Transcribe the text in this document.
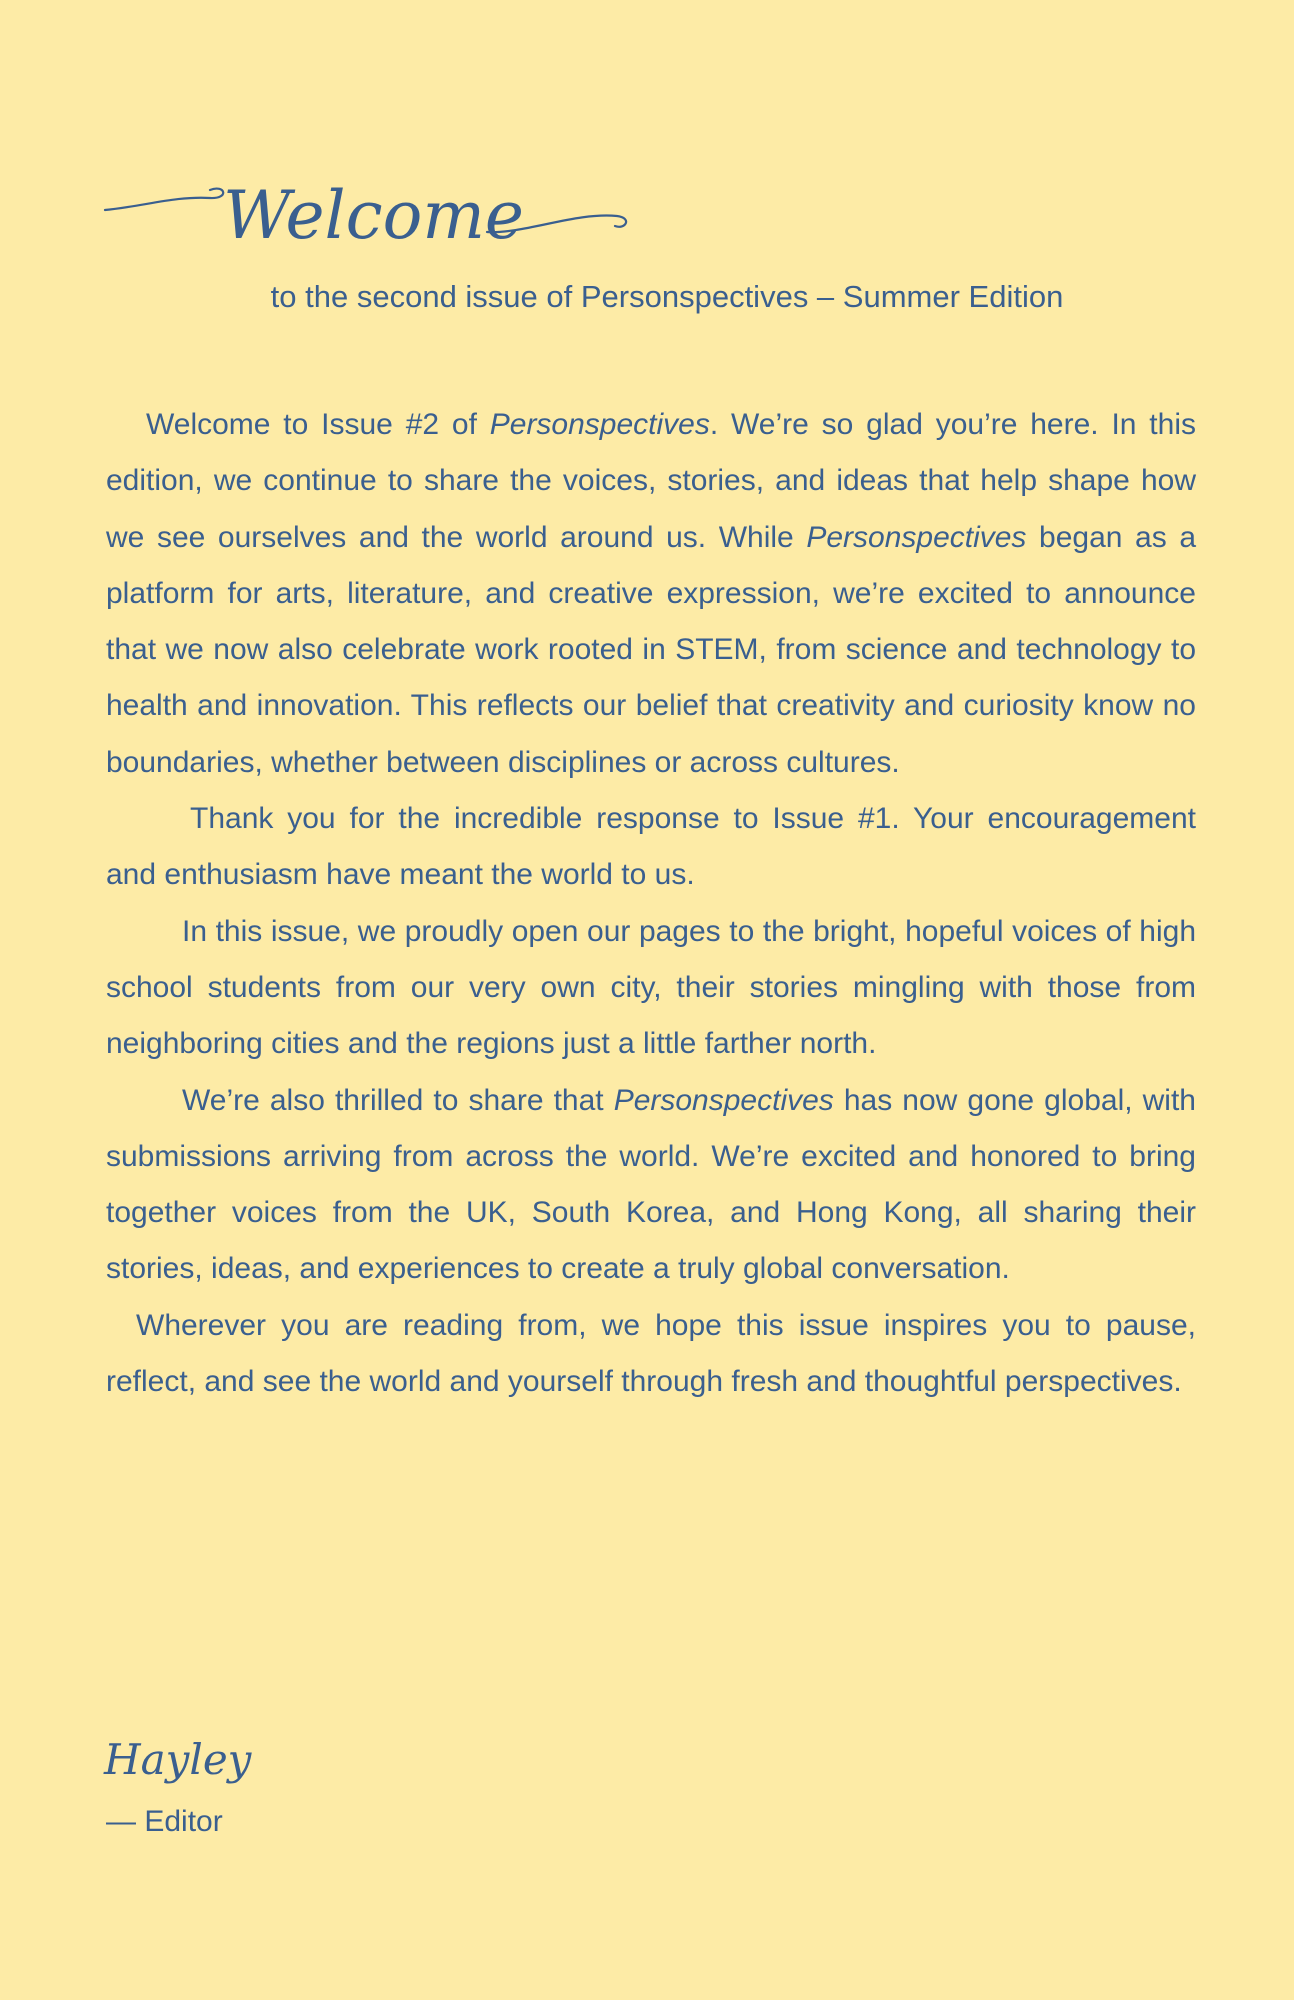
Welcome
to the second issue of Personspectives – Summer Edition

Welcome to Issue #2 of Personspectives. We’re so glad you’re here. In this edition, we continue to share the voices, stories, and ideas that help shape how we see ourselves and the world around us. While Personspectives began as a platform for arts, literature, and creative expression, we’re excited to announce that we now also celebrate work rooted in STEM, from science and technology to health and innovation. This reflects our belief that creativity and curiosity know no boundaries, whether between disciplines or across cultures.

Thank you for the incredible response to Issue #1. Your encouragement and enthusiasm have meant the world to us.

In this issue, we proudly open our pages to the bright, hopeful voices of high school students from our very own city, their stories mingling with those from neighboring cities and the regions just a little farther north.

We’re also thrilled to share that Personspectives has now gone global, with submissions arriving from across the world. We’re excited and honored to bring together voices from the UK, South Korea, and Hong Kong, all sharing their stories, ideas, and experiences to create a truly global conversation.

Wherever you are reading from, we hope this issue inspires you to pause, reflect, and see the world and yourself through fresh and thoughtful perspectives.

Hayley
— Editor
